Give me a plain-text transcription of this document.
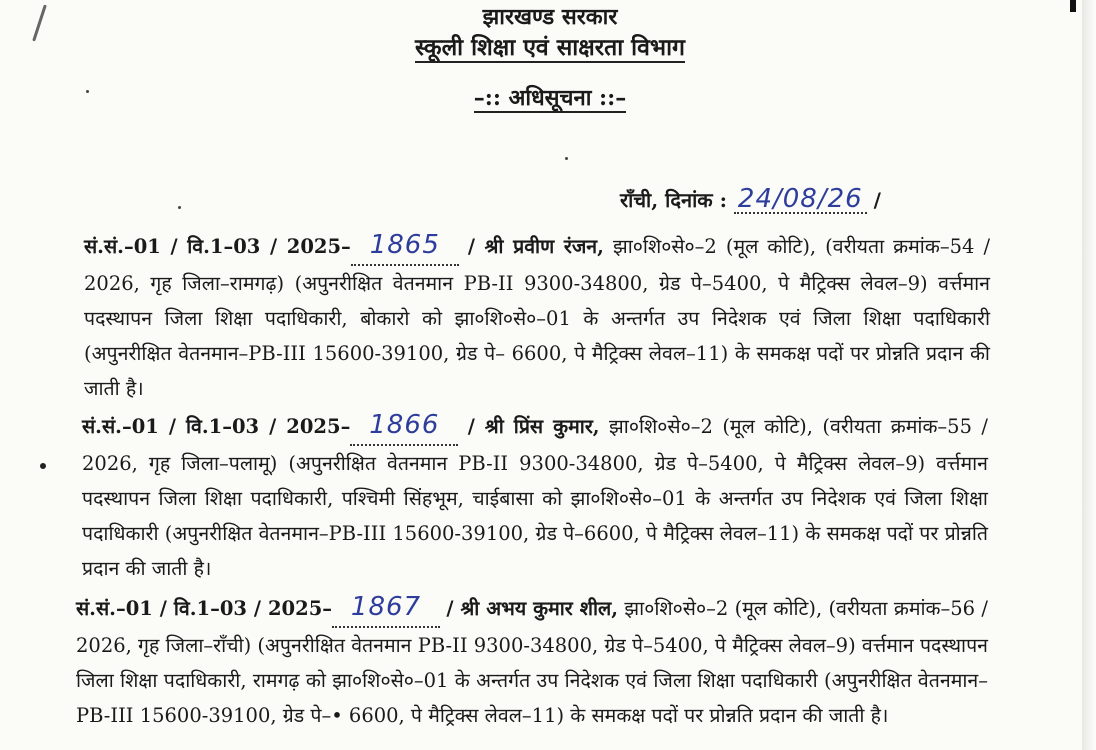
झारखण्ड सरकार
स्कूली शिक्षा एवं साक्षरता विभाग
–:: अधिसूचना ::–
राँची, दिनांक : 24/08/26 /
सं.सं.–01 / वि.1–03 / 2025– 1865 / श्री प्रवीण रंजन, झा०शि०से०–2 (मूल कोटि), (वरीयता क्रमांक–54 / 2026, गृह जिला–रामगढ़) (अपुनरीक्षित वेतनमान PB-II 9300-34800, ग्रेड पे–5400, पे मैट्रिक्स लेवल–9) वर्त्तमान पदस्थापन जिला शिक्षा पदाधिकारी, बोकारो को झा०शि०से०–01 के अन्तर्गत उप निदेशक एवं जिला शिक्षा पदाधिकारी (अपुनरीक्षित वेतनमान–PB-III 15600-39100, ग्रेड पे– 6600, पे मैट्रिक्स लेवल–11) के समकक्ष पदों पर प्रोन्नति प्रदान की जाती है।
सं.सं.–01 / वि.1–03 / 2025– 1866 / श्री प्रिंस कुमार, झा०शि०से०–2 (मूल कोटि), (वरीयता क्रमांक–55 / 2026, गृह जिला–पलामू) (अपुनरीक्षित वेतनमान PB-II 9300-34800, ग्रेड पे–5400, पे मैट्रिक्स लेवल–9) वर्त्तमान पदस्थापन जिला शिक्षा पदाधिकारी, पश्चिमी सिंहभूम, चाईबासा को झा०शि०से०–01 के अन्तर्गत उप निदेशक एवं जिला शिक्षा पदाधिकारी (अपुनरीक्षित वेतनमान–PB-III 15600-39100, ग्रेड पे–6600, पे मैट्रिक्स लेवल–11) के समकक्ष पदों पर प्रोन्नति प्रदान की जाती है।
सं.सं.–01 / वि.1–03 / 2025– 1867 / श्री अभय कुमार शील, झा०शि०से०–2 (मूल कोटि), (वरीयता क्रमांक–56 / 2026, गृह जिला–राँची) (अपुनरीक्षित वेतनमान PB-II 9300-34800, ग्रेड पे–5400, पे मैट्रिक्स लेवल–9) वर्त्तमान पदस्थापन जिला शिक्षा पदाधिकारी, रामगढ़ को झा०शि०से०–01 के अन्तर्गत उप निदेशक एवं जिला शिक्षा पदाधिकारी (अपुनरीक्षित वेतनमान–PB-III 15600-39100, ग्रेड पे–• 6600, पे मैट्रिक्स लेवल–11) के समकक्ष पदों पर प्रोन्नति प्रदान की जाती है।
